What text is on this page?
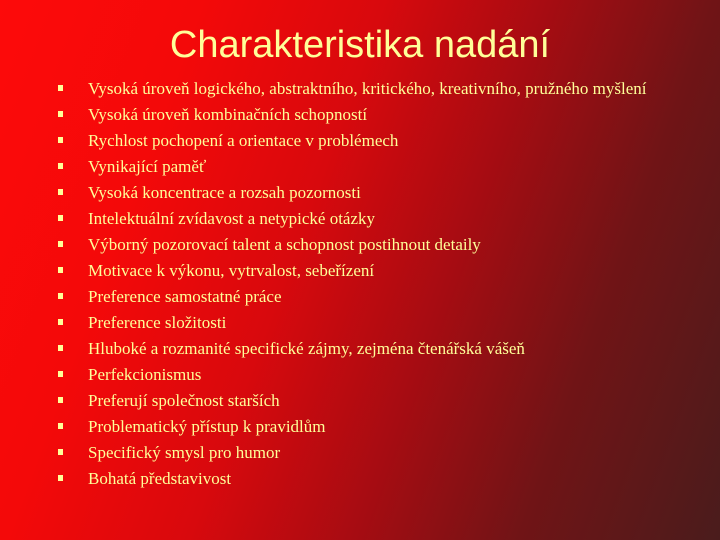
Charakteristika nadání
Vysoká úroveň logického, abstraktního, kritického, kreativního, pružného myšlení
Vysoká úroveň kombinačních schopností
Rychlost pochopení a orientace v problémech
Vynikající paměť
Vysoká koncentrace a rozsah pozornosti
Intelektuální zvídavost a netypické otázky
Výborný pozorovací talent a schopnost postihnout detaily
Motivace k výkonu, vytrvalost, sebeřízení
Preference samostatné práce
Preference složitosti
Hluboké a rozmanité specifické zájmy, zejména čtenářská vášeň
Perfekcionismus
Preferují společnost starších
Problematický přístup k pravidlům
Specifický smysl pro humor
Bohatá představivost
